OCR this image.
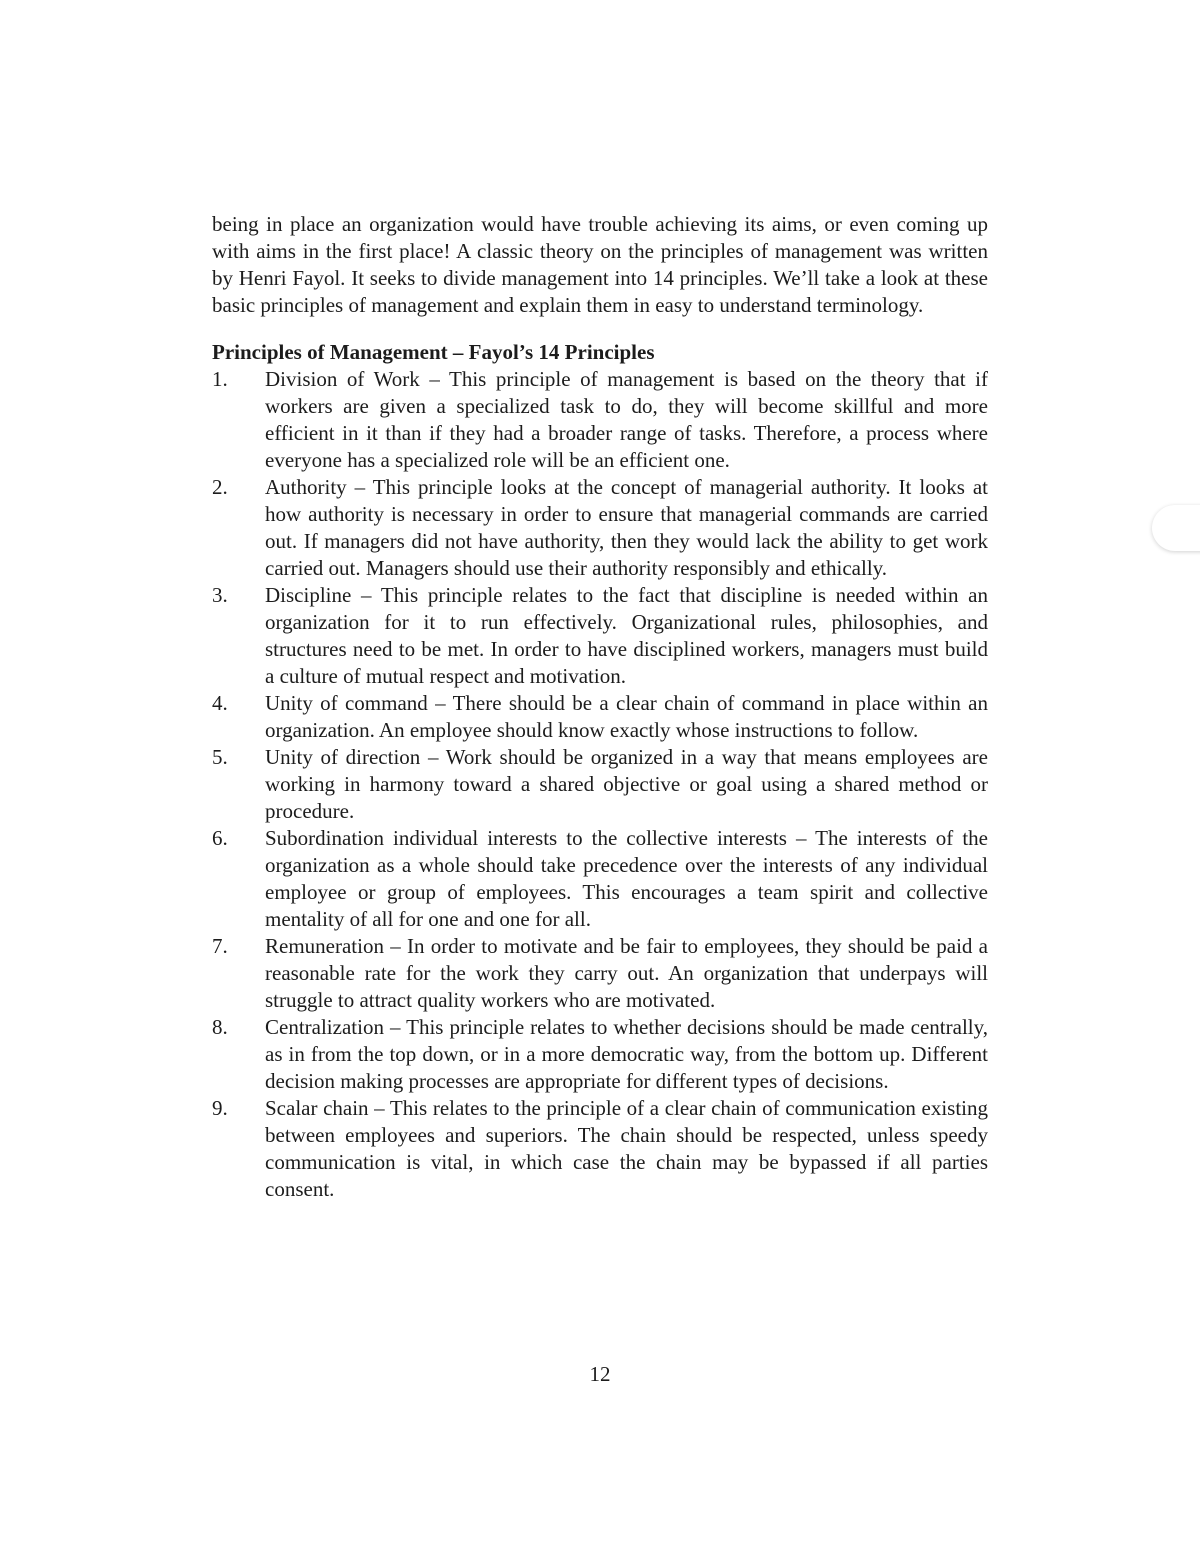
being in place an organization would have trouble achieving its aims, or even coming up with aims in the first place! A classic theory on the principles of management was written by Henri Fayol. It seeks to divide management into 14 principles. We’ll take a look at these basic principles of management and explain them in easy to understand terminology.

Principles of Management – Fayol’s 14 Principles
1. Division of Work – This principle of management is based on the theory that if workers are given a specialized task to do, they will become skillful and more efficient in it than if they had a broader range of tasks. Therefore, a process where everyone has a specialized role will be an efficient one.
2. Authority – This principle looks at the concept of managerial authority. It looks at how authority is necessary in order to ensure that managerial commands are carried out. If managers did not have authority, then they would lack the ability to get work carried out. Managers should use their authority responsibly and ethically.
3. Discipline – This principle relates to the fact that discipline is needed within an organization for it to run effectively. Organizational rules, philosophies, and structures need to be met. In order to have disciplined workers, managers must build a culture of mutual respect and motivation.
4. Unity of command – There should be a clear chain of command in place within an organization. An employee should know exactly whose instructions to follow.
5. Unity of direction – Work should be organized in a way that means employees are working in harmony toward a shared objective or goal using a shared method or procedure.
6. Subordination individual interests to the collective interests – The interests of the organization as a whole should take precedence over the interests of any individual employee or group of employees. This encourages a team spirit and collective mentality of all for one and one for all.
7. Remuneration – In order to motivate and be fair to employees, they should be paid a reasonable rate for the work they carry out. An organization that underpays will struggle to attract quality workers who are motivated.
8. Centralization – This principle relates to whether decisions should be made centrally, as in from the top down, or in a more democratic way, from the bottom up. Different decision making processes are appropriate for different types of decisions.
9. Scalar chain – This relates to the principle of a clear chain of communication existing between employees and superiors. The chain should be respected, unless speedy communication is vital, in which case the chain may be bypassed if all parties consent.
12
